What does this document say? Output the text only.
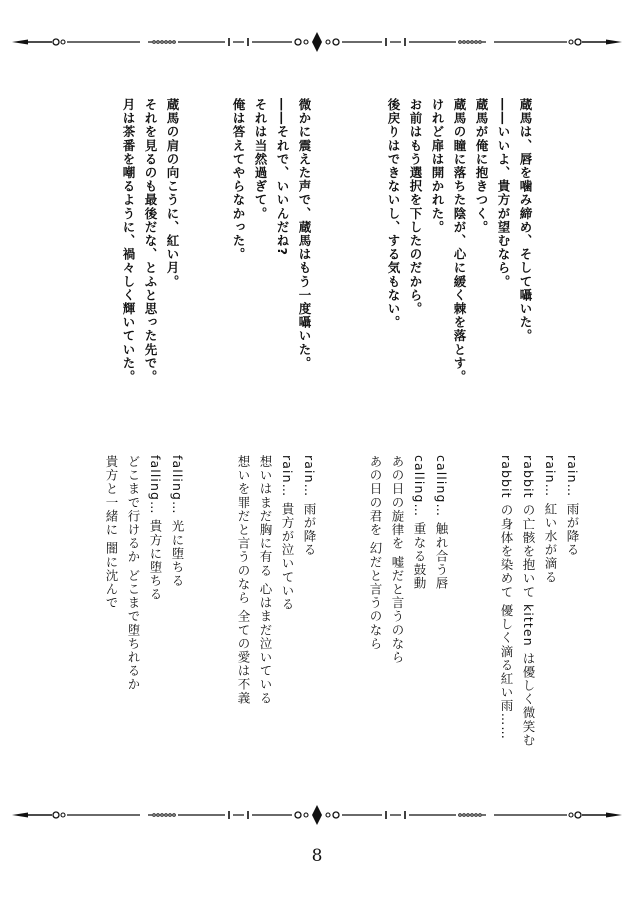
蔵馬は、唇を噛み締め、そして囁いた。
――いいよ、貴方が望むなら。
蔵馬が俺に抱きつく。
蔵馬の瞳に落ちた陰が、心に緩く棘を落とす。
けれど扉は開かれた。
お前はもう選択を下したのだから。
後戻りはできないし、する気もない。
微かに震えた声で、蔵馬はもう一度囁いた。
――それで、いいんだね?
それは当然過ぎて。
俺は答えてやらなかった。
蔵馬の肩の向こうに、紅い月。
それを見るのも最後だな、とふと思った先で。
月は茶番を嘲るように、禍々しく輝いていた。
rain… 雨が降る
rain… 紅い水が滴る
rabbit の亡骸を抱いて kitten は優しく微笑む
rabbit の身体を染めて 優しく滴る紅い雨……
calling… 触れ合う唇
calling… 重なる鼓動
あの日の旋律を 嘘だと言うのなら
あの日の君を 幻だと言うのなら
rain… 雨が降る
rain… 貴方が泣いている
想いはまだ胸に有る 心はまだ泣いている
想いを罪だと言うのなら 全ての愛は不義
falling… 光に堕ちる
falling… 貴方に堕ちる
どこまで行けるか どこまで堕ちれるか
貴方と一緒に 闇に沈んで
8
